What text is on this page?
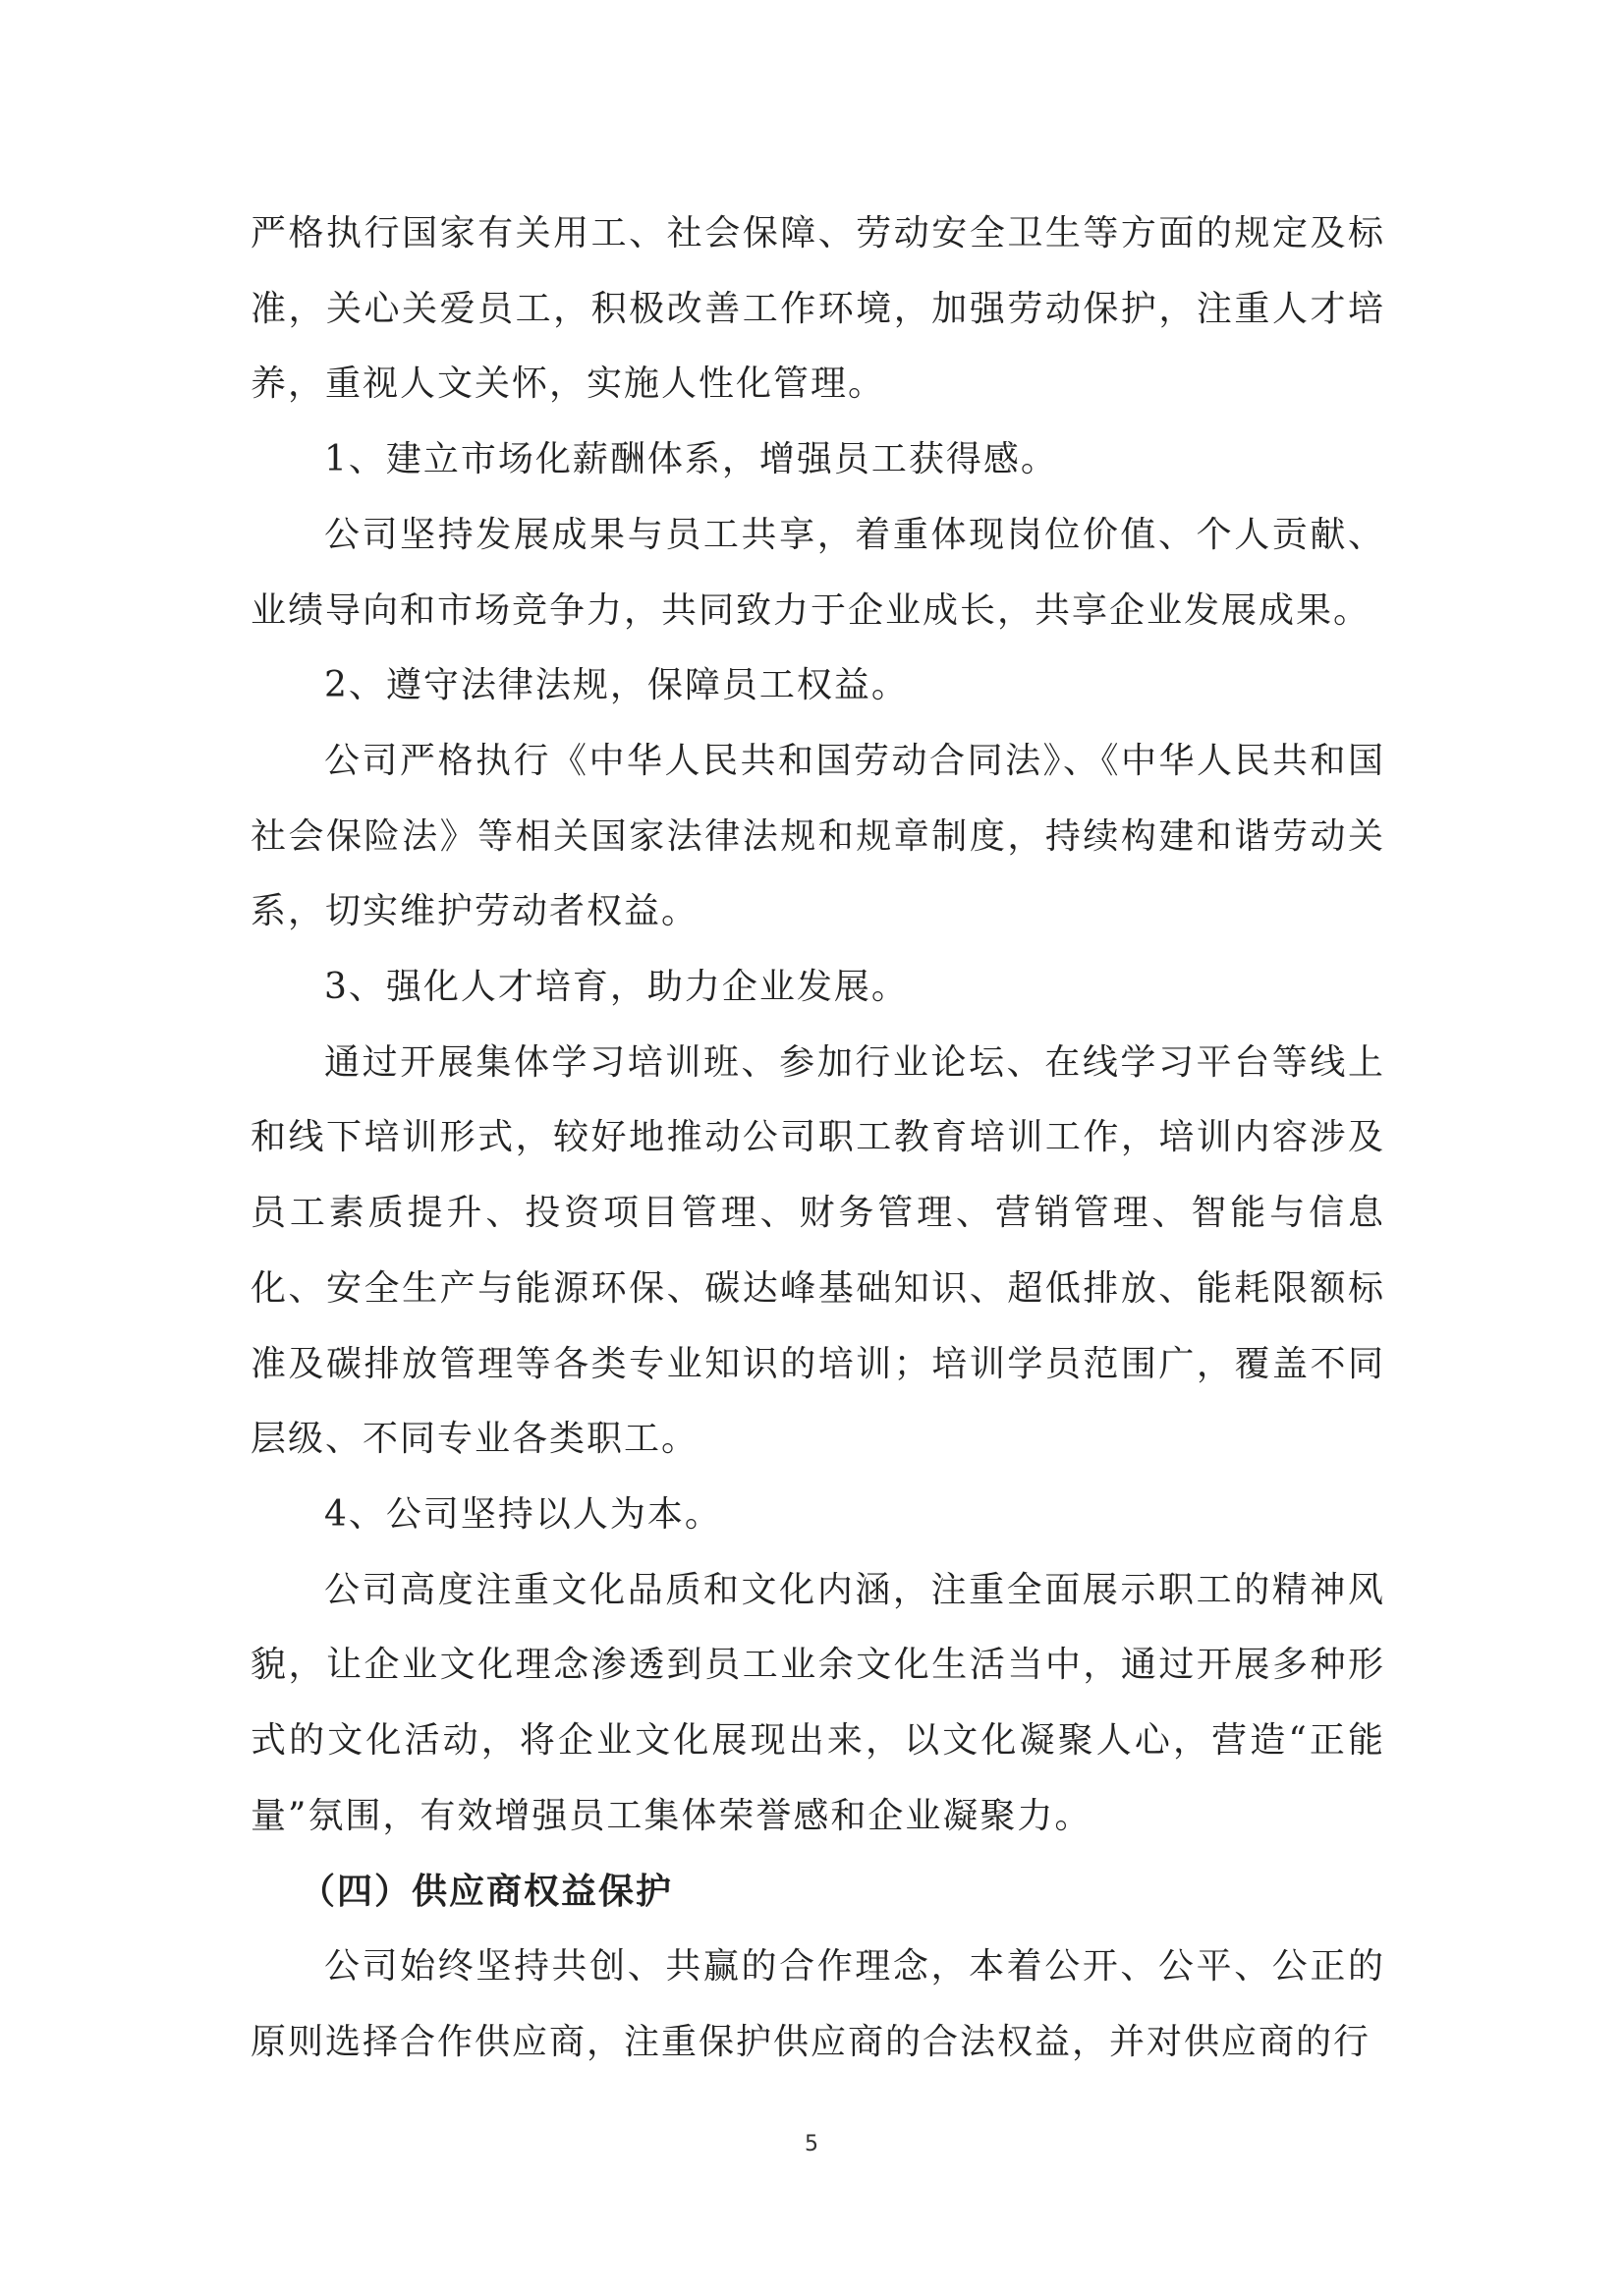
严格执行国家有关用工、社会保障、劳动安全卫生等方面的规定及标准，关心关爱员工，积极改善工作环境，加强劳动保护，注重人才培养，重视人文关怀，实施人性化管理。

1、建立市场化薪酬体系，增强员工获得感。

公司坚持发展成果与员工共享，着重体现岗位价值、个人贡献、业绩导向和市场竞争力，共同致力于企业成长，共享企业发展成果。

2、遵守法律法规，保障员工权益。

公司严格执行《中华人民共和国劳动合同法》、《中华人民共和国社会保险法》等相关国家法律法规和规章制度，持续构建和谐劳动关系，切实维护劳动者权益。

3、强化人才培育，助力企业发展。

通过开展集体学习培训班、参加行业论坛、在线学习平台等线上和线下培训形式，较好地推动公司职工教育培训工作，培训内容涉及员工素质提升、投资项目管理、财务管理、营销管理、智能与信息化、安全生产与能源环保、碳达峰基础知识、超低排放、能耗限额标准及碳排放管理等各类专业知识的培训；培训学员范围广，覆盖不同层级、不同专业各类职工。

4、公司坚持以人为本。

公司高度注重文化品质和文化内涵，注重全面展示职工的精神风貌，让企业文化理念渗透到员工业余文化生活当中，通过开展多种形式的文化活动，将企业文化展现出来，以文化凝聚人心，营造“正能量”氛围，有效增强员工集体荣誉感和企业凝聚力。

（四）供应商权益保护

公司始终坚持共创、共赢的合作理念，本着公开、公平、公正的原则选择合作供应商，注重保护供应商的合法权益，并对供应商的行

5
